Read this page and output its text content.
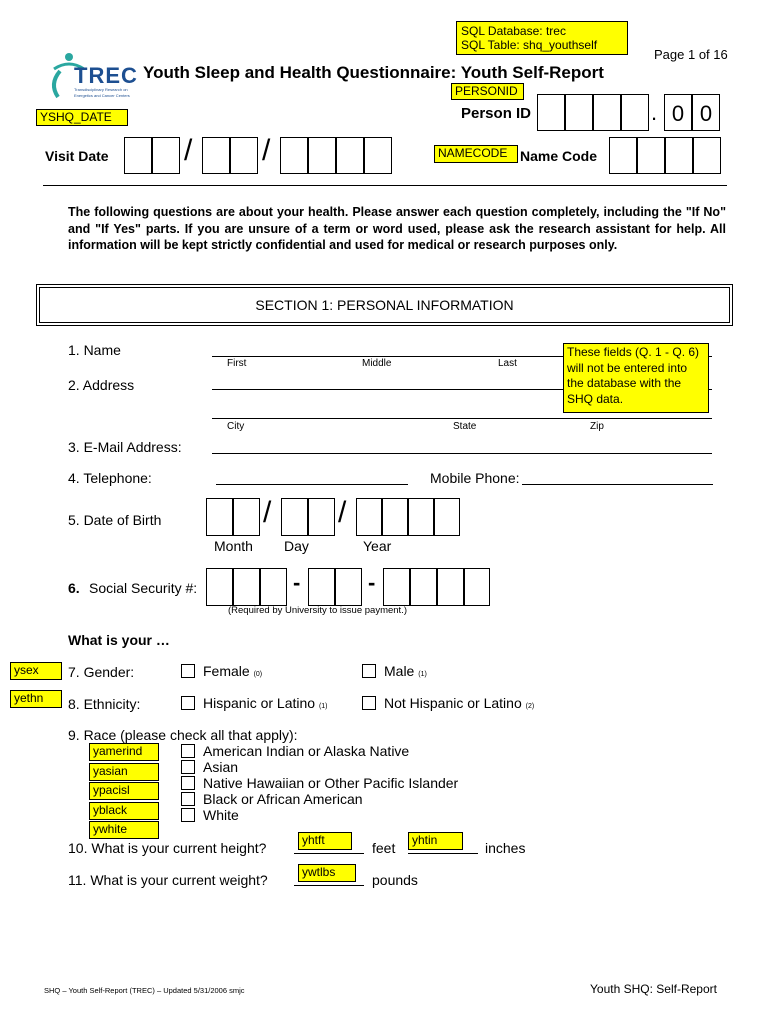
SQL Database: trec
SQL Table: shq_youthself
Page 1 of 16
TREC
Transdisciplinary Research on
Energetics and Cancer Centers
Youth Sleep and Health Questionnaire: Youth Self-Report
PERSONID
Person ID	. 0 0
YSHQ_DATE
Visit Date	/ /	NAMECODE Name Code
The following questions are about your health. Please answer each question completely, including the "If No" and "If Yes" parts. If you are unsure of a term or word used, please ask the research assistant for help. All information will be kept strictly confidential and used for medical or research purposes only.
SECTION 1: PERSONAL INFORMATION
1. Name
First	Middle	Last
2. Address
City	State	Zip
These fields (Q. 1 - Q. 6) will not be entered into the database with the SHQ data.
3. E-Mail Address:
4. Telephone:	Mobile Phone:
5. Date of Birth	/ /
Month Day	Year
6. Social Security #:	-	-
(Required by University to issue payment.)
What is your …
ysex	7. Gender:	Female (0)	Male (1)
yethn	8. Ethnicity:	Hispanic or Latino (1)	Not Hispanic or Latino (2)
9. Race (please check all that apply):
yamerind
yasian
ypacisl
yblack
ywhite
American Indian or Alaska Native
Asian
Native Hawaiian or Other Pacific Islander
Black or African American
White
10. What is your current height?	yhtft	feet	yhtin	inches
11. What is your current weight?	ywtlbs	pounds
SHQ – Youth Self-Report (TREC) – Updated 5/31/2006 smjc	Youth SHQ: Self-Report
